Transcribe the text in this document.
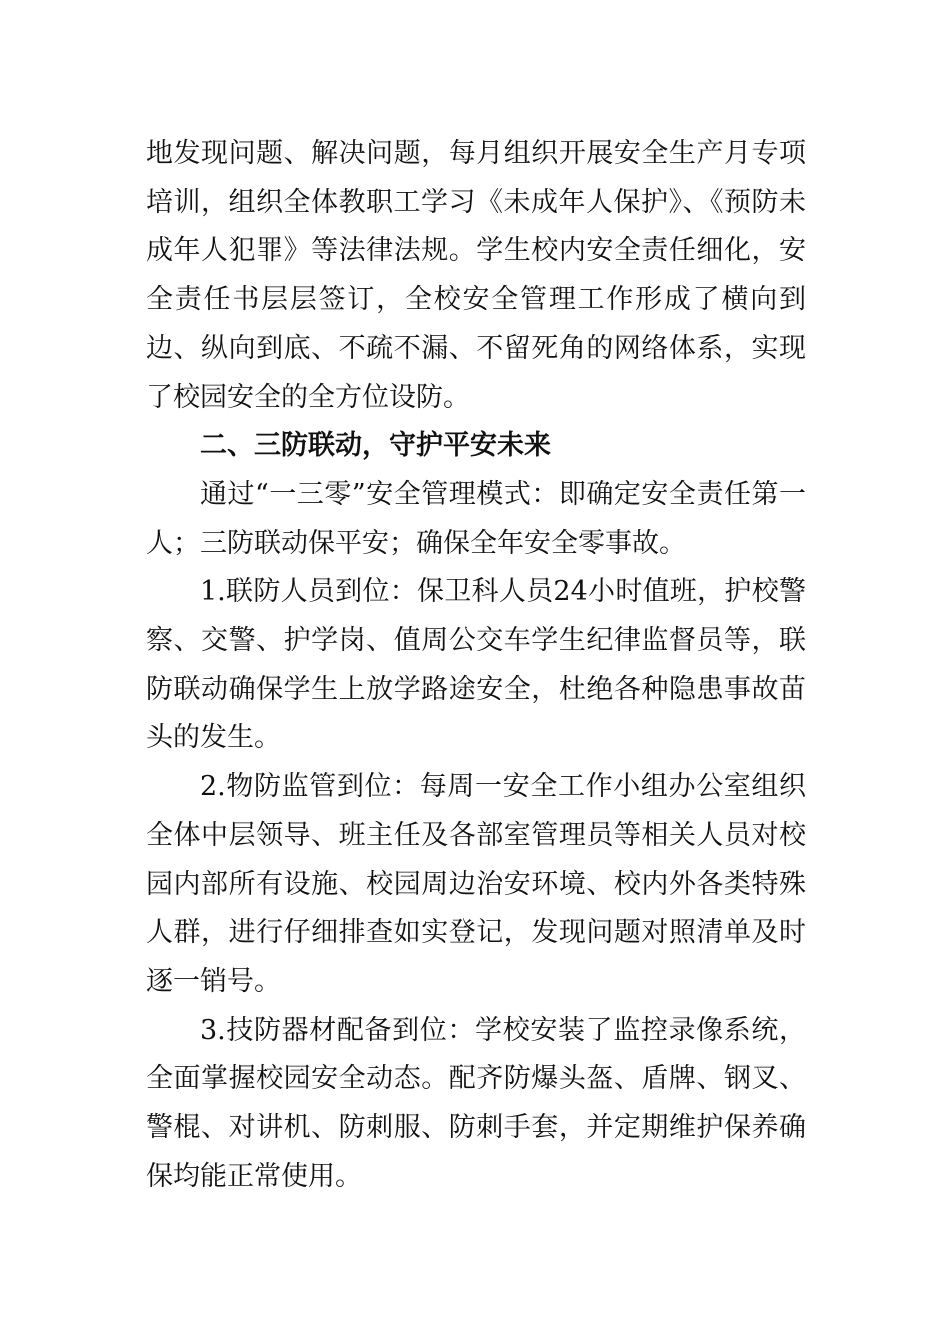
地发现问题、解决问题，每月组织开展安全生产月专项培训，组织全体教职工学习《未成年人保护》、《预防未成年人犯罪》等法律法规。学生校内安全责任细化，安全责任书层层签订，全校安全管理工作形成了横向到边、纵向到底、不疏不漏、不留死角的网络体系，实现了校园安全的全方位设防。

二、三防联动，守护平安未来

通过“一三零”安全管理模式：即确定安全责任第一人；三防联动保平安；确保全年安全零事故。

1.联防人员到位：保卫科人员24小时值班，护校警察、交警、护学岗、值周公交车学生纪律监督员等，联防联动确保学生上放学路途安全，杜绝各种隐患事故苗头的发生。

2.物防监管到位：每周一安全工作小组办公室组织全体中层领导、班主任及各部室管理员等相关人员对校园内部所有设施、校园周边治安环境、校内外各类特殊人群，进行仔细排查如实登记，发现问题对照清单及时逐一销号。

3.技防器材配备到位：学校安装了监控录像系统，全面掌握校园安全动态。配齐防爆头盔、盾牌、钢叉、警棍、对讲机、防刺服、防刺手套，并定期维护保养确保均能正常使用。
